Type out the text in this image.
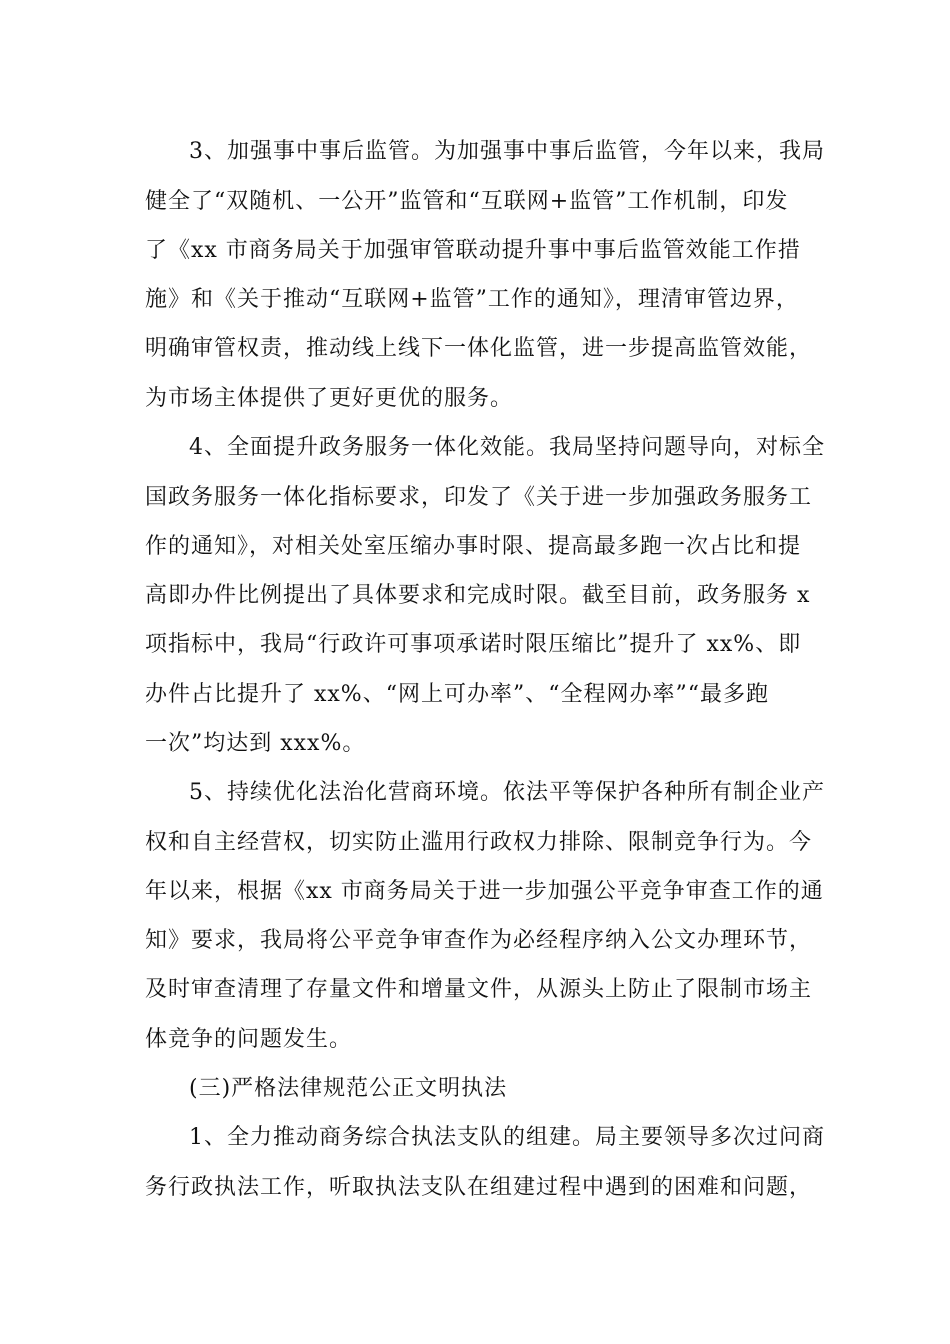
3、加强事中事后监管。为加强事中事后监管，今年以来，我局
健全了“双随机、一公开”监管和“互联网+监管”工作机制，印发
了《xx 市商务局关于加强审管联动提升事中事后监管效能工作措
施》和《关于推动“互联网+监管”工作的通知》，理清审管边界，
明确审管权责，推动线上线下一体化监管，进一步提高监管效能，
为市场主体提供了更好更优的服务。
4、全面提升政务服务一体化效能。我局坚持问题导向，对标全
国政务服务一体化指标要求，印发了《关于进一步加强政务服务工
作的通知》，对相关处室压缩办事时限、提高最多跑一次占比和提
高即办件比例提出了具体要求和完成时限。截至目前，政务服务 x
项指标中，我局“行政许可事项承诺时限压缩比”提升了 xx%、即
办件占比提升了 xx%、“网上可办率”、“全程网办率”“最多跑
一次”均达到 xxx%。
5、持续优化法治化营商环境。依法平等保护各种所有制企业产
权和自主经营权，切实防止滥用行政权力排除、限制竞争行为。今
年以来，根据《xx 市商务局关于进一步加强公平竞争审查工作的通
知》要求，我局将公平竞争审查作为必经程序纳入公文办理环节，
及时审查清理了存量文件和增量文件，从源头上防止了限制市场主
体竞争的问题发生。
(三)严格法律规范公正文明执法
1、全力推动商务综合执法支队的组建。局主要领导多次过问商
务行政执法工作，听取执法支队在组建过程中遇到的困难和问题，
